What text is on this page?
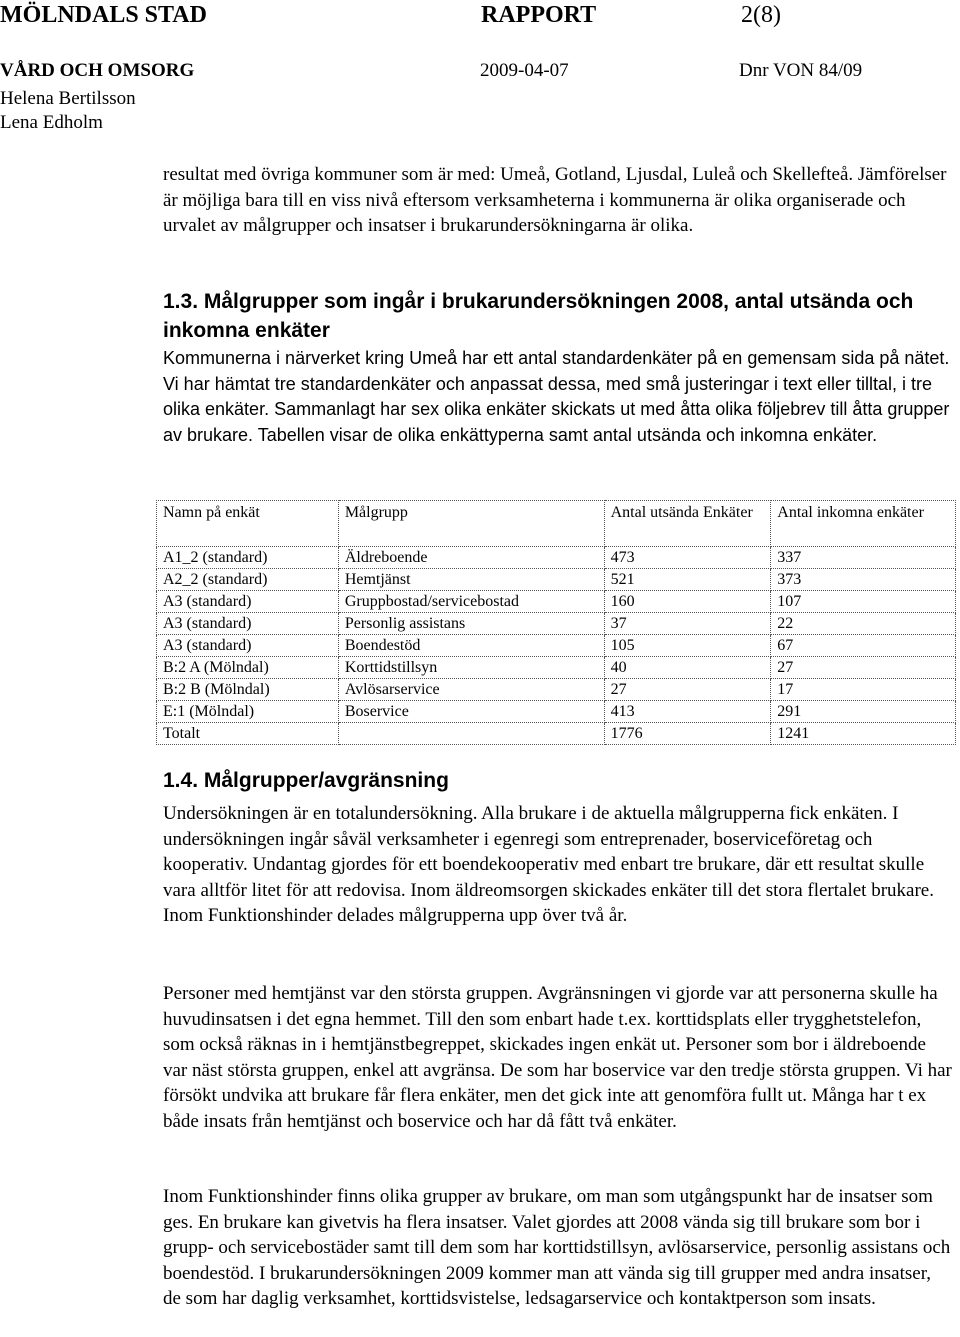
MÖLNDALS STAD	RAPPORT	2(8)
VÅRD OCH OMSORG	2009-04-07	Dnr VON 84/09
Helena Bertilsson
Lena Edholm

resultat med övriga kommuner som är med: Umeå, Gotland, Ljusdal, Luleå och Skellefteå. Jämförelser är möjliga bara till en viss nivå eftersom verksamheterna i kommunerna är olika organiserade och urvalet av målgrupper och insatser i brukarundersökningarna är olika.

1.3. Målgrupper som ingår i brukarundersökningen 2008, antal utsända och inkomna enkäter

Kommunerna i närverket kring Umeå har ett antal standardenkäter på en gemensam sida på nätet. Vi har hämtat tre standardenkäter och anpassat dessa, med små justeringar i text eller tilltal, i tre olika enkäter. Sammanlagt har sex olika enkäter skickats ut med åtta olika följebrev till åtta grupper av brukare. Tabellen visar de olika enkättyperna samt antal utsända och inkomna enkäter.

Namn på enkät	Målgrupp	Antal utsända Enkäter	Antal inkomna enkäter
A1_2 (standard)	Äldreboende	473	337
A2_2 (standard)	Hemtjänst	521	373
A3 (standard)	Gruppbostad/servicebostad	160	107
A3 (standard)	Personlig assistans	37	22
A3 (standard)	Boendestöd	105	67
B:2 A (Mölndal)	Korttidstillsyn	40	27
B:2 B (Mölndal)	Avlösarservice	27	17
E:1 (Mölndal)	Boservice	413	291
Totalt		1776	1241
1.4. Målgrupper/avgränsning

Undersökningen är en totalundersökning. Alla brukare i de aktuella målgrupperna fick enkäten. I undersökningen ingår såväl verksamheter i egenregi som entreprenader, boserviceföretag och kooperativ. Undantag gjordes för ett boendekooperativ med enbart tre brukare, där ett resultat skulle vara alltför litet för att redovisa. Inom äldreomsorgen skickades enkäter till det stora flertalet brukare. Inom Funktionshinder delades målgrupperna upp över två år.

Personer med hemtjänst var den största gruppen. Avgränsningen vi gjorde var att personerna skulle ha huvudinsatsen i det egna hemmet. Till den som enbart hade t.ex. korttidsplats eller trygghetstelefon, som också räknas in i hemtjänstbegreppet, skickades ingen enkät ut. Personer som bor i äldreboende var näst största gruppen, enkel att avgränsa. De som har boservice var den tredje största gruppen. Vi har försökt undvika att brukare får flera enkäter, men det gick inte att genomföra fullt ut. Många har t ex både insats från hemtjänst och boservice och har då fått två enkäter.

Inom Funktionshinder finns olika grupper av brukare, om man som utgångspunkt har de insatser som ges. En brukare kan givetvis ha flera insatser. Valet gjordes att 2008 vända sig till brukare som bor i grupp- och servicebostäder samt till dem som har korttidstillsyn, avlösarservice, personlig assistans och boendestöd. I brukarundersökningen 2009 kommer man att vända sig till grupper med andra insatser, de som har daglig verksamhet, korttidsvistelse, ledsagarservice och kontaktperson som insats.
